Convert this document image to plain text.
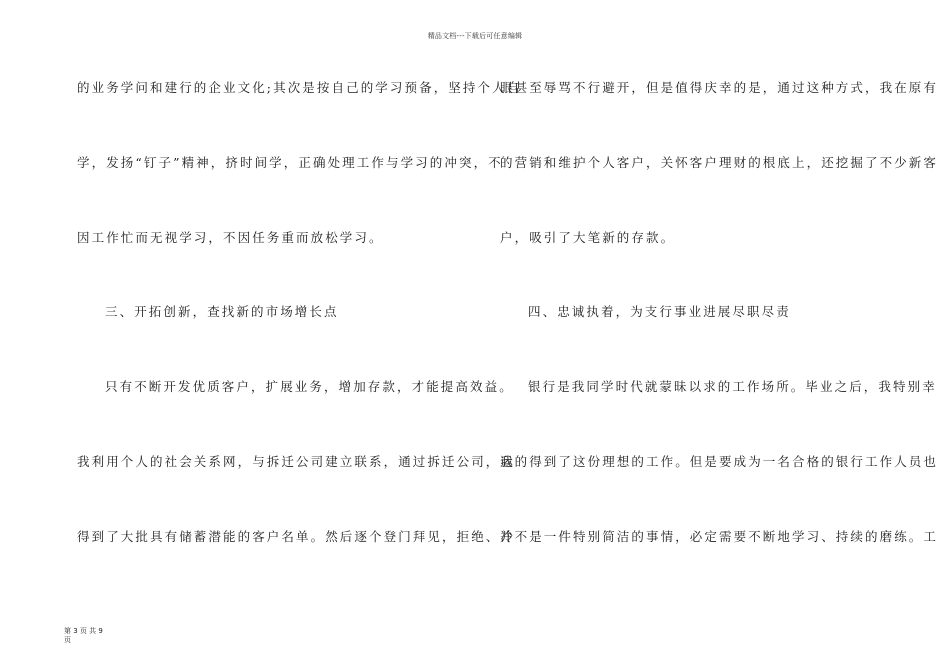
精品文档---下载后可任意编辑
的业务学问和建行的企业文化;其次是按自己的学习预备，坚持个人自
学，发扬“钉子”精神，挤时间学，正确处理工作与学习的冲突，不
因工作忙而无视学习，不因任务重而放松学习。
三、开拓创新，查找新的市场增长点
只有不断开发优质客户，扩展业务，增加存款，才能提高效益。
我利用个人的社会关系网，与拆迁公司建立联系，通过拆迁公司，我
得到了大批具有储蓄潜能的客户名单。然后逐个登门拜见，拒绝、冷
眼甚至辱骂不行避开，但是值得庆幸的是，通过这种方式，我在原有
的营销和维护个人客户，关怀客户理财的根底上，还挖掘了不少新客
户，吸引了大笔新的存款。
四、忠诚执着，为支行事业进展尽职尽责
银行是我同学时代就蒙昧以求的工作场所。毕业之后，我特别幸
运的得到了这份理想的工作。但是要成为一名合格的银行工作人员也
并不是一件特别简洁的事情，必定需要不断地学习、持续的磨练。工
第 3 页 共 9
页
